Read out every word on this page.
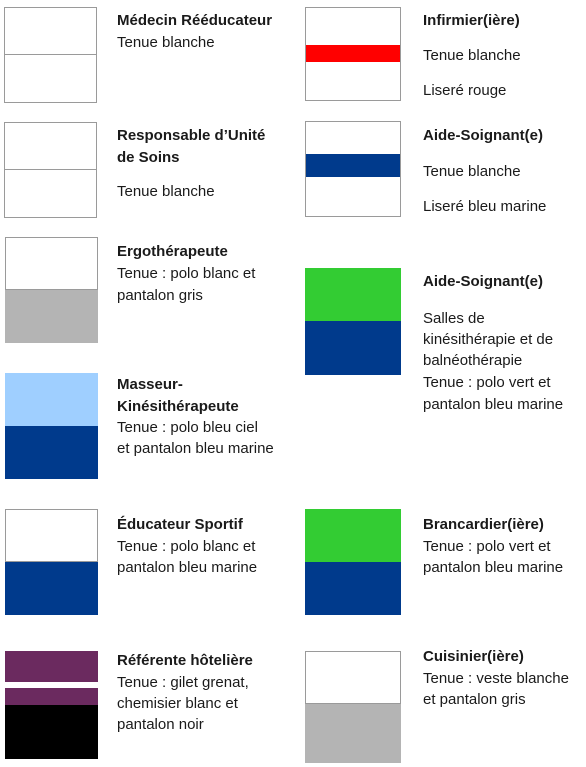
Médecin Rééducateur
Tenue blanche
Infirmier(ière)
Tenue blanche
Liseré rouge
Responsable d’Unité
de Soins
Tenue blanche
Aide-Soignant(e)
Tenue blanche
Liseré bleu marine
Ergothérapeute
Tenue : polo blanc et
pantalon gris
Aide-Soignant(e)
Salles de
kinésithérapie et de
balnéothérapie
Tenue : polo vert et
pantalon bleu marine
Masseur-
Kinésithérapeute
Tenue : polo bleu ciel
et pantalon bleu marine
Éducateur Sportif
Tenue : polo blanc et
pantalon bleu marine
Brancardier(ière)
Tenue : polo vert et
pantalon bleu marine
Référente hôtelière
Tenue : gilet grenat,
chemisier blanc et
pantalon noir
Cuisinier(ière)
Tenue : veste blanche
et pantalon gris
